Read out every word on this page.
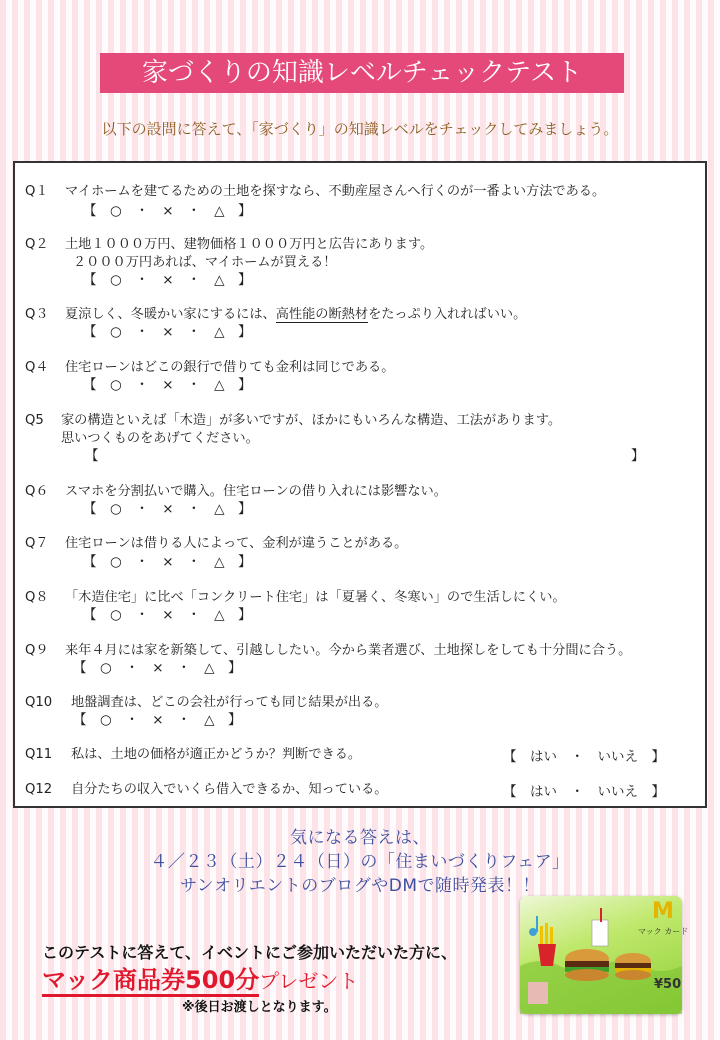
家づくりの知識レベルチェックテスト
以下の設問に答えて、「家づくり」の知識レベルをチェックしてみましょう。
Q１ マイホームを建てるための土地を探すなら、不動産屋さんへ行くのが一番よい方法である。
【　○　・　×　・　△　】
Q２ 土地１０００万円、建物価格１０００万円と広告にあります。
２０００万円あれば、マイホームが買える！
【　○　・　×　・　△　】
Q３ 夏涼しく、冬暖かい家にするには、高性能の断熱材をたっぷり入れればいい。
【　○　・　×　・　△　】
Q４ 住宅ローンはどこの銀行で借りても金利は同じである。
【　○　・　×　・　△　】
Q5 家の構造といえば「木造」が多いですが、ほかにもいろんな構造、工法があります。
思いつくものをあげてください。
【	】
Q６ スマホを分割払いで購入。住宅ローンの借り入れには影響ない。
【　○　・　×　・　△　】
Q７ 住宅ローンは借りる人によって、金利が違うことがある。
【　○　・　×　・　△　】
Q８ 「木造住宅」に比べ「コンクリート住宅」は「夏暑く、冬寒い」ので生活しにくい。
【　○　・　×　・　△　】
Q９ 来年４月には家を新築して、引越ししたい。今から業者選び、土地探しをしても十分間に合う。
【　○　・　×　・　△　】
Q10 地盤調査は、どこの会社が行っても同じ結果が出る。
【　○　・　×　・　△　】
Q11 私は、土地の価格が適正かどうか？判断できる。	【　はい　・　いいえ　】
Q12 自分たちの収入でいくら借入できるか、知っている。	【　はい　・　いいえ　】
気になる答えは、
４／２３（土）２４（日）の「住まいづくりフェア」
サンオリエントのブログやDMで随時発表！！
このテストに答えて、イベントにご参加いただいた方に、
マック商品券500分プレゼント
※後日お渡しとなります。
M
マック カード
¥50
